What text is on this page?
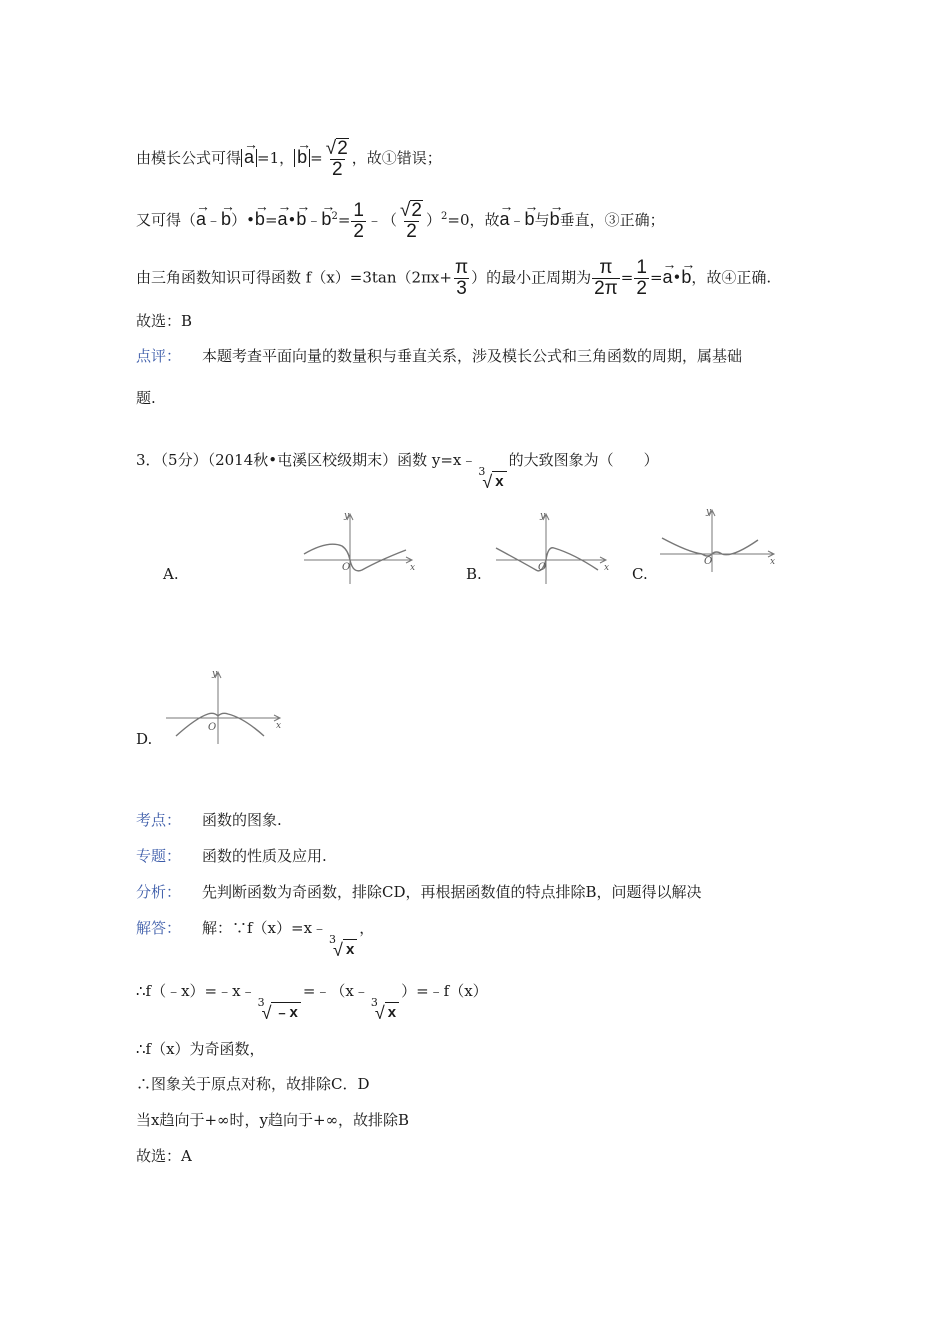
由模长公式可得 → a =1， → $b = \frac{√ 2}{2}$ ，故①错误；
又可得（→ a﹣→ b）•→ b=→ a•→ b﹣→ $b^2= \frac{1}{2}$ ﹣（ $\frac{√ 2}{2} )^2=0$，故→ a﹣→ b与→ b垂直，③正确；
由三角函数知识可得函数 $f(x)=3\tan(2\pi x+ \frac{\pi}{3}$ ）的最小正周期为 $\frac{\pi}{2\pi} = \frac{1}{2}$ =→ a•→ b，故④正确.
故选：B
点评： 本题考查平面向量的数量积与垂直关系，涉及模长公式和三角函数的周期，属基础
题.
3．（5分）（2014秋•屯溪区校级期末）函数 y=x﹣
3
√ x
的大致图象为（　　）
A.
y
x
O	B.
y
x
O	C.
y
x
O
D.
y
x
O
考点： 函数的图象.
专题： 函数的性质及应用.
分析： 先判断函数为奇函数，排除CD，再根据函数值的特点排除B，问题得以解决
解答： 解：∵f（x）=x﹣
3
√ x
，
∴f（﹣x）=﹣x﹣
3
√ ﹣x
=﹣（x﹣
3
√ x
）=﹣f（x）
∴f（x）为奇函数，
∴图象关于原点对称，故排除C．D
当x趋向于+∞时，y趋向于+∞，故排除B
故选：A
